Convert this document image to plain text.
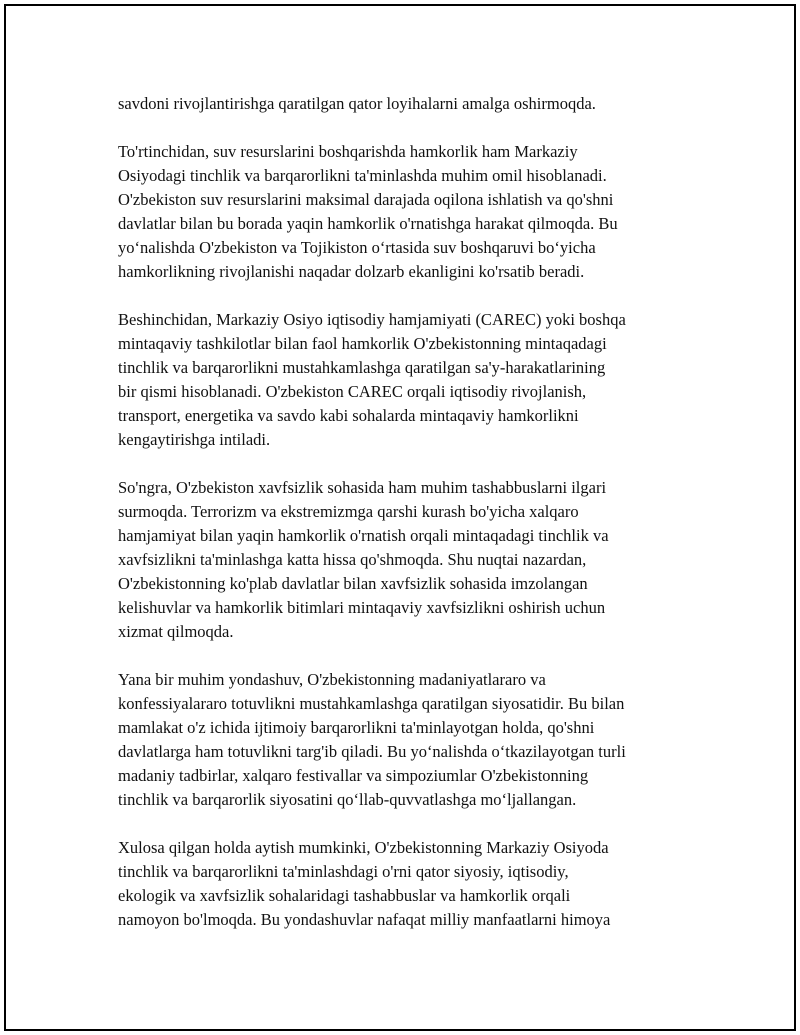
savdoni rivojlantirishga qaratilgan qator loyihalarni amalga oshirmoqda.

To'rtinchidan, suv resurslarini boshqarishda hamkorlik ham Markaziy
Osiyodagi tinchlik va barqarorlikni ta'minlashda muhim omil hisoblanadi.
O'zbekiston suv resurslarini maksimal darajada oqilona ishlatish va qo'shni
davlatlar bilan bu borada yaqin hamkorlik o'rnatishga harakat qilmoqda. Bu
yo‘nalishda O'zbekiston va Tojikiston o‘rtasida suv boshqaruvi bo‘yicha
hamkorlikning rivojlanishi naqadar dolzarb ekanligini ko'rsatib beradi.

Beshinchidan, Markaziy Osiyo iqtisodiy hamjamiyati (CAREC) yoki boshqa
mintaqaviy tashkilotlar bilan faol hamkorlik O'zbekistonning mintaqadagi
tinchlik va barqarorlikni mustahkamlashga qaratilgan sa'y-harakatlarining
bir qismi hisoblanadi. O'zbekiston CAREC orqali iqtisodiy rivojlanish,
transport, energetika va savdo kabi sohalarda mintaqaviy hamkorlikni
kengaytirishga intiladi.

So'ngra, O'zbekiston xavfsizlik sohasida ham muhim tashabbuslarni ilgari
surmoqda. Terrorizm va ekstremizmga qarshi kurash bo'yicha xalqaro
hamjamiyat bilan yaqin hamkorlik o'rnatish orqali mintaqadagi tinchlik va
xavfsizlikni ta'minlashga katta hissa qo'shmoqda. Shu nuqtai nazardan,
O'zbekistonning ko'plab davlatlar bilan xavfsizlik sohasida imzolangan
kelishuvlar va hamkorlik bitimlari mintaqaviy xavfsizlikni oshirish uchun
xizmat qilmoqda.

Yana bir muhim yondashuv, O'zbekistonning madaniyatlararo va
konfessiyalararo totuvlikni mustahkamlashga qaratilgan siyosatidir. Bu bilan
mamlakat o'z ichida ijtimoiy barqarorlikni ta'minlayotgan holda, qo'shni
davlatlarga ham totuvlikni targ'ib qiladi. Bu yo‘nalishda o‘tkazilayotgan turli
madaniy tadbirlar, xalqaro festivallar va simpoziumlar O'zbekistonning
tinchlik va barqarorlik siyosatini qo‘llab-quvvatlashga mo‘ljallangan.

Xulosa qilgan holda aytish mumkinki, O'zbekistonning Markaziy Osiyoda
tinchlik va barqarorlikni ta'minlashdagi o'rni qator siyosiy, iqtisodiy,
ekologik va xavfsizlik sohalaridagi tashabbuslar va hamkorlik orqali
namoyon bo'lmoqda. Bu yondashuvlar nafaqat milliy manfaatlarni himoya
